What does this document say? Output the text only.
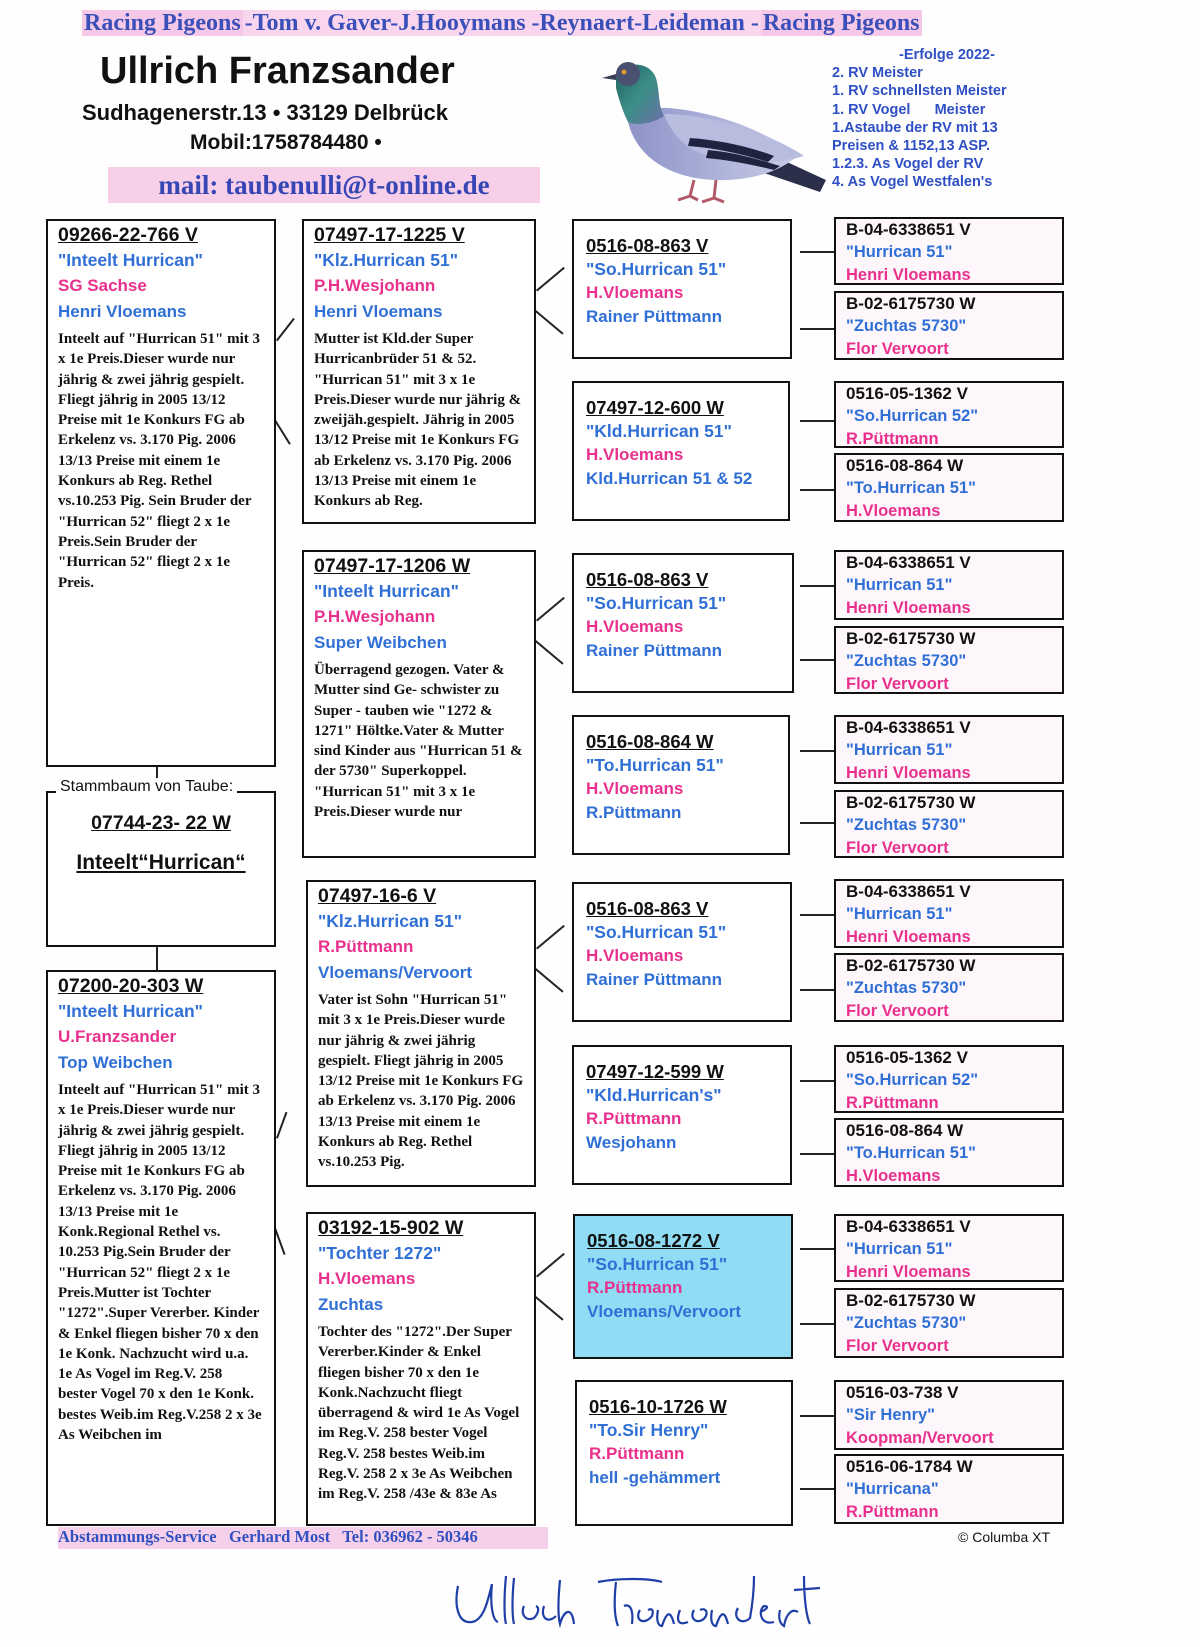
Racing Pigeons -Tom v. Gaver-J.Hooymans -Reynaert-Leideman - Racing Pigeons
Ullrich Franzsander
Sudhagenerstr.13 • 33129 Delbrück
Mobil:1758784480 •
mail: taubenulli@t-online.de
-Erfolge 2022-
2. RV Meister
1. RV schnellsten Meister
1. RV Vogel      Meister
1.Astaube der RV mit 13
Preisen & 1152,13 ASP.
1.2.3. As Vogel der RV
4. As Vogel Westfalen's
09266-22-766 V
"Inteelt Hurrican"
SG Sachse
Henri Vloemans
Inteelt auf "Hurrican 51" mit 3 x 1e Preis.Dieser wurde nur jährig & zwei jährig gespielt. Fliegt jährig in 2005 13/12 Preise mit 1e Konkurs FG ab Erkelenz vs. 3.170 Pig. 2006 13/13 Preise mit einem 1e Konkurs ab Reg. Rethel vs.10.253 Pig. Sein Bruder der "Hurrican 52" fliegt 2 x 1e Preis.Sein Bruder der "Hurrican 52" fliegt 2 x 1e Preis.
07744-23- 22 W
Inteelt“Hurrican“
Stammbaum von Taube:
07200-20-303 W
"Inteelt Hurrican"
U.Franzsander
Top Weibchen
Inteelt auf "Hurrican 51" mit 3 x 1e Preis.Dieser wurde nur jährig & zwei jährig gespielt. Fliegt jährig in 2005 13/12 Preise mit 1e Konkurs FG ab Erkelenz vs. 3.170 Pig. 2006 13/13 Preise mit 1e Konk.Regional Rethel vs. 10.253 Pig.Sein Bruder der "Hurrican 52" fliegt 2 x 1e Preis.Mutter ist Tochter "1272".Super Vererber. Kinder & Enkel fliegen bisher 70 x den 1e Konk. Nachzucht wird u.a. 1e As Vogel im Reg.V. 258 bester Vogel 70 x den 1e Konk. bestes Weib.im Reg.V.258 2 x 3e As Weibchen im
07497-17-1225 V
"Klz.Hurrican 51"
P.H.Wesjohann
Henri Vloemans
Mutter ist Kld.der Super Hurricanbrüder 51 & 52. "Hurrican 51" mit 3 x 1e Preis.Dieser wurde nur jährig & zweijäh.gespielt. Jährig in 2005 13/12 Preise mit 1e Konkurs FG ab Erkelenz vs. 3.170 Pig. 2006 13/13 Preise mit einem 1e Konkurs ab Reg.
07497-17-1206 W
"Inteelt Hurrican"
P.H.Wesjohann
Super Weibchen
Überragend gezogen. Vater & Mutter sind Ge- schwister zu Super - tauben wie "1272 & 1271" Höltke.Vater & Mutter sind Kinder aus "Hurrican 51 & der 5730" Superkoppel. "Hurrican 51" mit 3 x 1e Preis.Dieser wurde nur
07497-16-6 V
"Klz.Hurrican 51"
R.Püttmann
Vloemans/Vervoort
Vater ist Sohn "Hurrican 51" mit 3 x 1e Preis.Dieser wurde nur jährig & zwei jährig gespielt. Fliegt jährig in 2005 13/12 Preise mit 1e Konkurs FG ab Erkelenz vs. 3.170 Pig. 2006 13/13 Preise mit einem 1e Konkurs ab Reg. Rethel vs.10.253 Pig.
03192-15-902 W
"Tochter 1272"
H.Vloemans
Zuchtas
Tochter des "1272".Der Super Vererber.Kinder & Enkel fliegen bisher 70 x den 1e Konk.Nachzucht fliegt überragend & wird 1e As Vogel im Reg.V. 258 bester Vogel Reg.V. 258 bestes Weib.im Reg.V. 258 2 x 3e As Weibchen im Reg.V. 258 /43e & 83e As
0516-08-863 V
"So.Hurrican 51"
H.Vloemans
Rainer Püttmann
07497-12-600 W
"Kld.Hurrican 51"
H.Vloemans
Kld.Hurrican 51 & 52
0516-08-863 V
"So.Hurrican 51"
H.Vloemans
Rainer Püttmann
0516-08-864 W
"To.Hurrican 51"
H.Vloemans
R.Püttmann
0516-08-863 V
"So.Hurrican 51"
H.Vloemans
Rainer Püttmann
07497-12-599 W
"Kld.Hurrican's"
R.Püttmann
Wesjohann
0516-08-1272 V
"So.Hurrican 51"
R.Püttmann
Vloemans/Vervoort
0516-10-1726 W
"To.Sir Henry"
R.Püttmann
hell -gehämmert
B-04-6338651 V
"Hurrican 51"
Henri Vloemans
B-02-6175730 W
"Zuchtas 5730"
Flor Vervoort
0516-05-1362 V
"So.Hurrican 52"
R.Püttmann
0516-08-864 W
"To.Hurrican 51"
H.Vloemans
B-04-6338651 V
"Hurrican 51"
Henri Vloemans
B-02-6175730 W
"Zuchtas 5730"
Flor Vervoort
B-04-6338651 V
"Hurrican 51"
Henri Vloemans
B-02-6175730 W
"Zuchtas 5730"
Flor Vervoort
B-04-6338651 V
"Hurrican 51"
Henri Vloemans
B-02-6175730 W
"Zuchtas 5730"
Flor Vervoort
0516-05-1362 V
"So.Hurrican 52"
R.Püttmann
0516-08-864 W
"To.Hurrican 51"
H.Vloemans
B-04-6338651 V
"Hurrican 51"
Henri Vloemans
B-02-6175730 W
"Zuchtas 5730"
Flor Vervoort
0516-03-738 V
"Sir Henry"
Koopman/Vervoort
0516-06-1784 W
"Hurricana"
R.Püttmann
Abstammungs-Service   Gerhard Most   Tel: 036962 - 50346	© Columba XT
